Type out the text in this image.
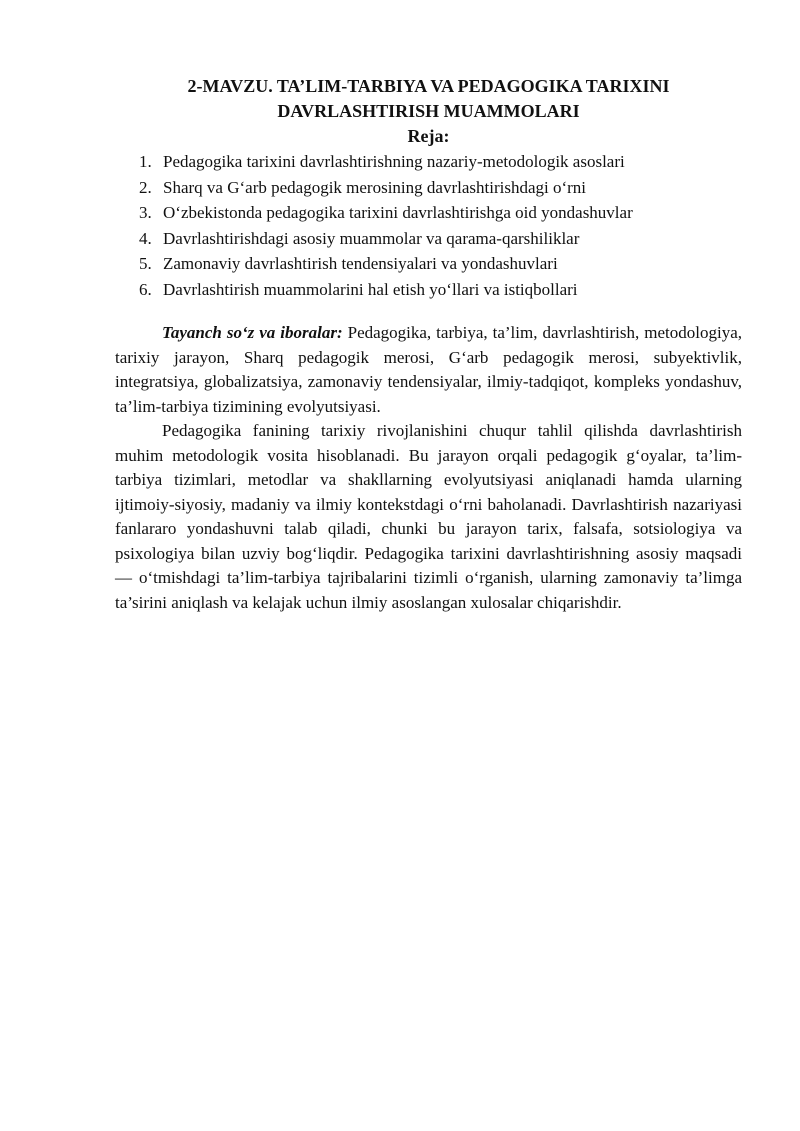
2-MAVZU. TA’LIM-TARBIYA VA PEDAGOGIKA TARIXINI DAVRLASHTIRISH MUAMMOLARI

Reja:

1. Pedagogika tarixini davrlashtirishning nazariy-metodologik asoslari
2. Sharq va G‘arb pedagogik merosining davrlashtirishdagi o‘rni
3. O‘zbekistonda pedagogika tarixini davrlashtirishga oid yondashuvlar
4. Davrlashtirishdagi asosiy muammolar va qarama-qarshiliklar
5. Zamonaviy davrlashtirish tendensiyalari va yondashuvlari
6. Davrlashtirish muammolarini hal etish yo‘llari va istiqbollari

Tayanch so‘z va iboralar: Pedagogika, tarbiya, ta’lim, davrlashtirish, metodologiya, tarixiy jarayon, Sharq pedagogik merosi, G‘arb pedagogik merosi, subyektivlik, integratsiya, globalizatsiya, zamonaviy tendensiyalar, ilmiy-tadqiqot, kompleks yondashuv, ta’lim-tarbiya tizimining evolyutsiyasi.

Pedagogika fanining tarixiy rivojlanishini chuqur tahlil qilishda davrlashtirish muhim metodologik vosita hisoblanadi. Bu jarayon orqali pedagogik g‘oyalar, ta’lim-tarbiya tizimlari, metodlar va shakllarning evolyutsiyasi aniqlanadi hamda ularning ijtimoiy-siyosiy, madaniy va ilmiy kontekstdagi o‘rni baholanadi. Davrlashtirish nazariyasi fanlararo yondashuvni talab qiladi, chunki bu jarayon tarix, falsafa, sotsiologiya va psixologiya bilan uzviy bog‘liqdir. Pedagogika tarixini davrlashtirishning asosiy maqsadi — o‘tmishdagi ta’lim-tarbiya tajribalarini tizimli o‘rganish, ularning zamonaviy ta’limga ta’sirini aniqlash va kelajak uchun ilmiy asoslangan xulosalar chiqarishdir.
